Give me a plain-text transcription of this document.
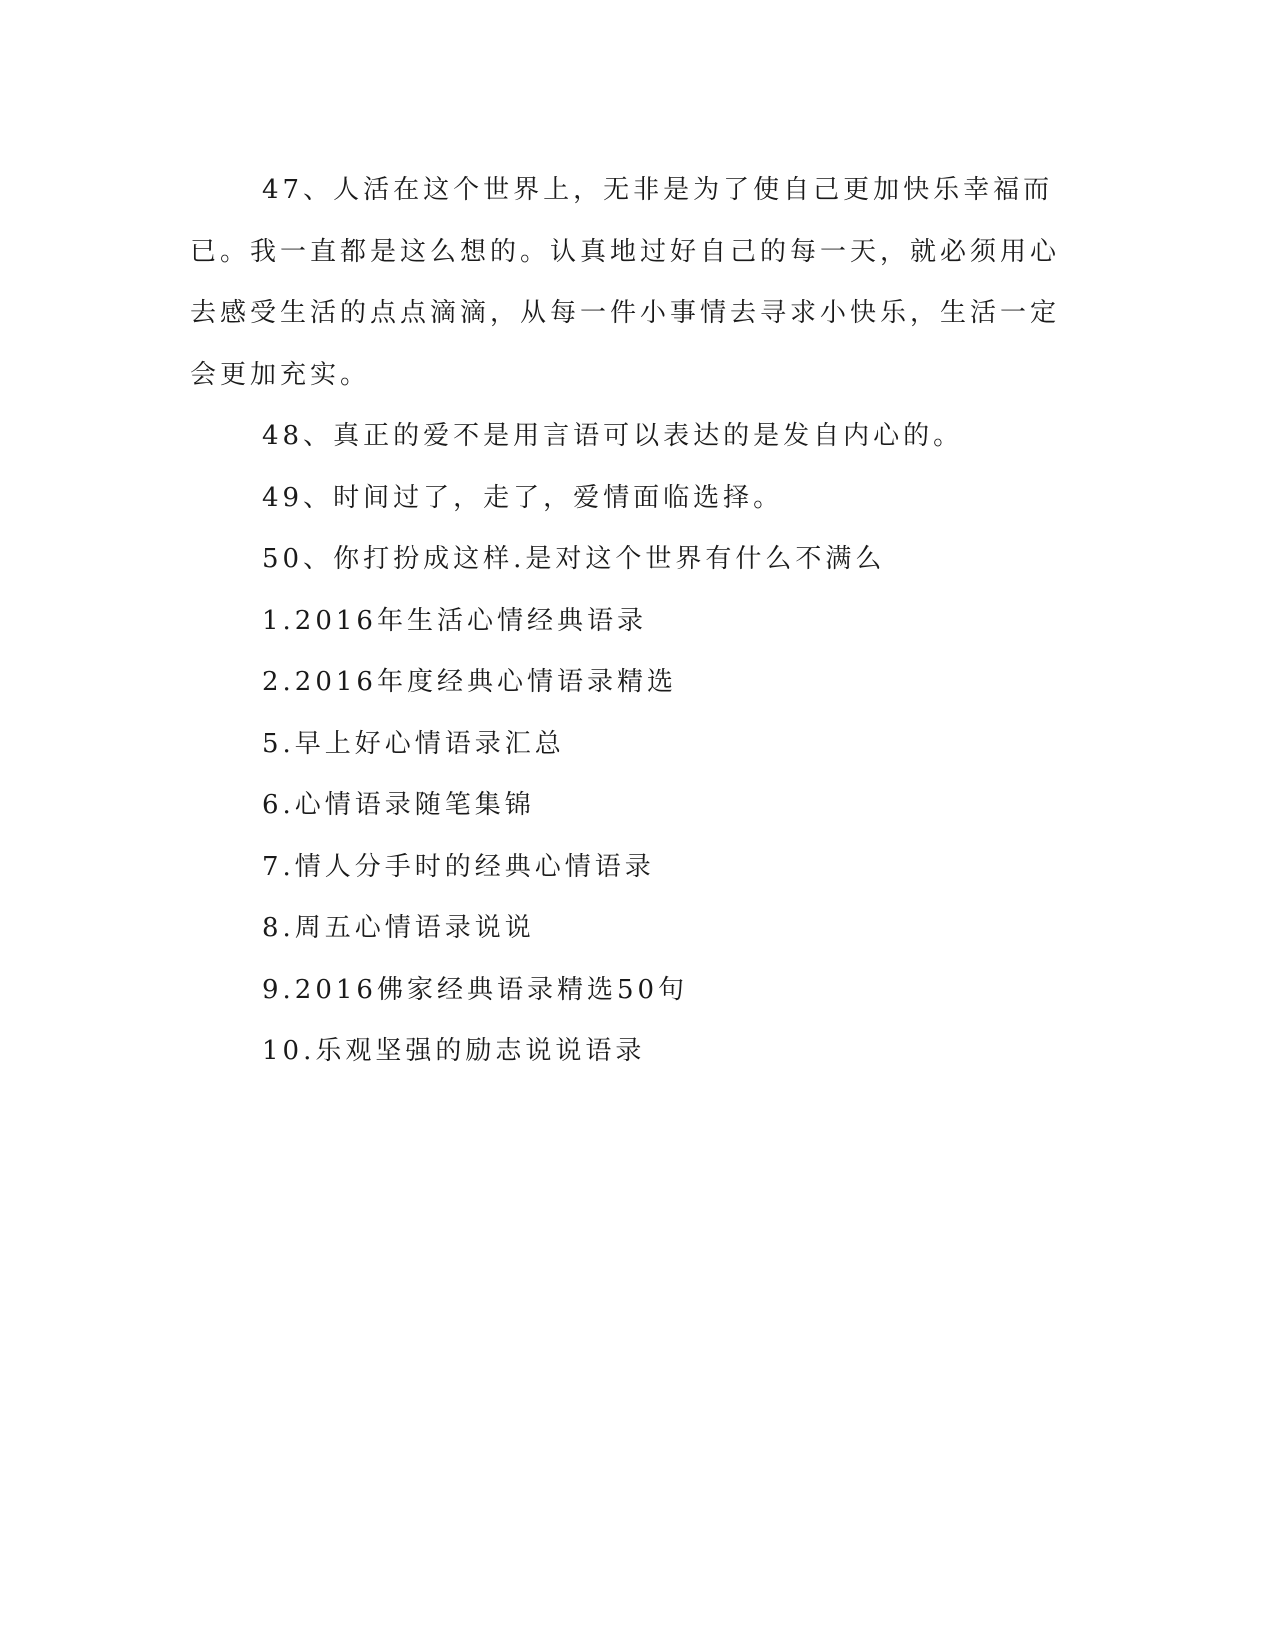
47、人活在这个世界上，无非是为了使自己更加快乐幸福而已。我一直都是这么想的。认真地过好自己的每一天，就必须用心去感受生活的点点滴滴，从每一件小事情去寻求小快乐，生活一定会更加充实。

48、真正的爱不是用言语可以表达的是发自内心的。

49、时间过了，走了，爱情面临选择。

50、你打扮成这样.是对这个世界有什么不满么

1.2016年生活心情经典语录

2.2016年度经典心情语录精选

5.早上好心情语录汇总

6.心情语录随笔集锦

7.情人分手时的经典心情语录

8.周五心情语录说说

9.2016佛家经典语录精选50句

10.乐观坚强的励志说说语录
